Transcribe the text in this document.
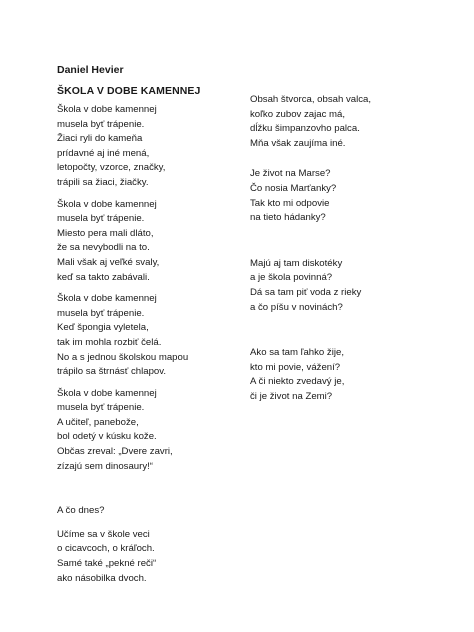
Daniel Hevier
ŠKOLA V DOBE KAMENNEJ
Škola v dobe kamennej
musela byť trápenie.
Žiaci ryli do kameňa
prídavné aj iné mená,
letopočty, vzorce, značky,
trápili sa žiaci, žiačky.
Škola v dobe kamennej
musela byť trápenie.
Miesto pera mali dláto,
že sa nevybodli na to.
Mali však aj veľké svaly,
keď sa takto zabávali.
Škola v dobe kamennej
musela byť trápenie.
Keď špongia vyletela,
tak im mohla rozbiť čelá.
No a s jednou školskou mapou
trápilo sa štrnásť chlapov.
Škola v dobe kamennej
musela byť trápenie.
A učiteľ, panebože,
bol odetý v kúsku kože.
Občas zreval: „Dvere zavri,
zízajú sem dinosaury!“
A čo dnes?
Učíme sa v škole veci
o cicavcoch, o kráľoch.
Samé také „pekné reči“
ako násobilka dvoch.
Obsah štvorca, obsah valca,
koľko zubov zajac má,
dĺžku šimpanzovho palca.
Mňa však zaujíma iné.
Je život na Marse?
Čo nosia Marťanky?
Tak kto mi odpovie
na tieto hádanky?
Majú aj tam diskotéky
a je škola povinná?
Dá sa tam piť voda z rieky
a čo píšu v novinách?
Ako sa tam ľahko žije,
kto mi povie, vážení?
A či niekto zvedavý je,
či je život na Zemi?
